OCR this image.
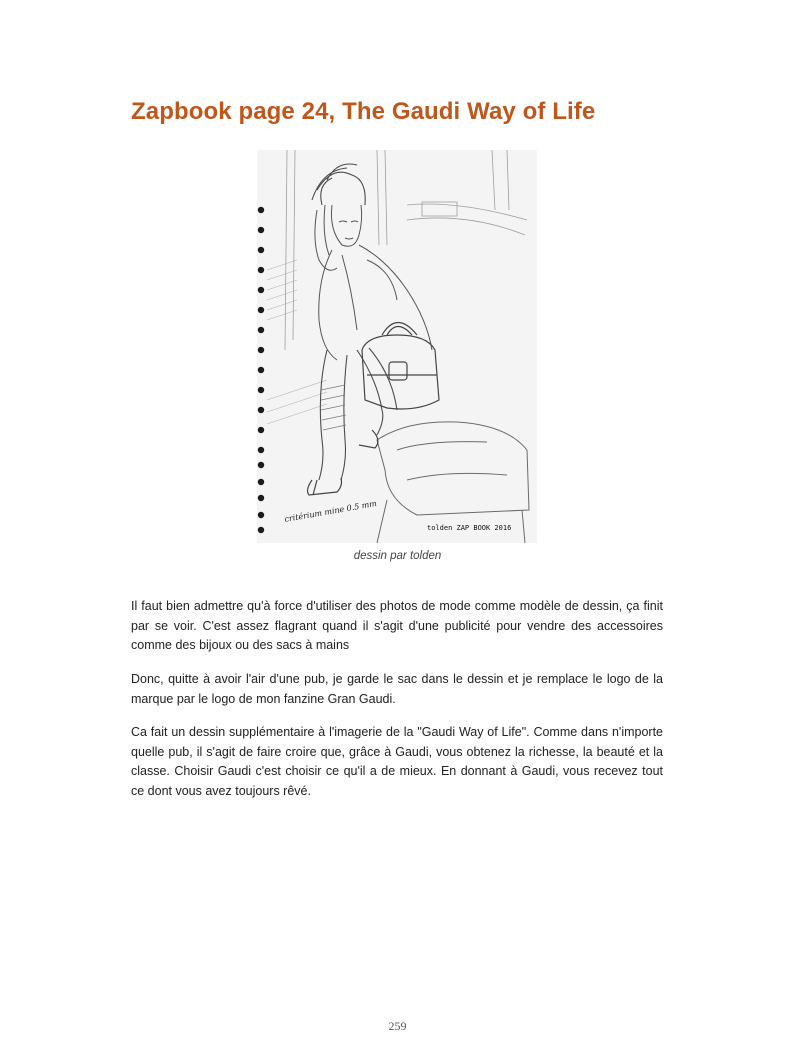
Zapbook page 24, The Gaudi Way of Life
critérium mine 0.5 mm
tolden ZAP BOOK 2016
dessin par tolden

Il faut bien admettre qu'à force d'utiliser des photos de mode comme modèle de dessin, ça finit par se voir. C'est assez flagrant quand il s'agit d'une publicité pour vendre des accessoires comme des bijoux ou des sacs à mains

Donc, quitte à avoir l'air d'une pub, je garde le sac dans le dessin et je remplace le logo de la marque par le logo de mon fanzine Gran Gaudi.

Ca fait un dessin supplémentaire à l'imagerie de la "Gaudi Way of Life". Comme dans n'importe quelle pub, il s'agit de faire croire que, grâce à Gaudi, vous obtenez la richesse, la beauté et la classe. Choisir Gaudi c'est choisir ce qu'il a de mieux. En donnant à Gaudi, vous recevez tout ce dont vous avez toujours rêvé.

259
